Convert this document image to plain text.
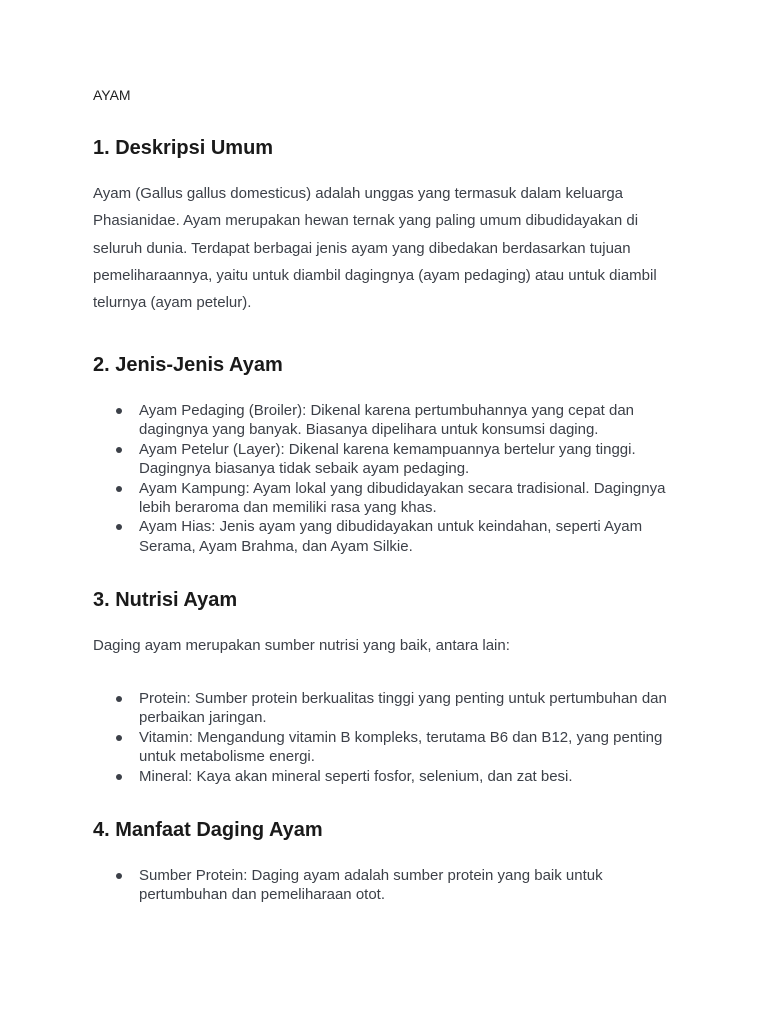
AYAM

1. Deskripsi Umum

Ayam (Gallus gallus domesticus) adalah unggas yang termasuk dalam keluarga Phasianidae. Ayam merupakan hewan ternak yang paling umum dibudidayakan di seluruh dunia. Terdapat berbagai jenis ayam yang dibedakan berdasarkan tujuan pemeliharaannya, yaitu untuk diambil dagingnya (ayam pedaging) atau untuk diambil telurnya (ayam petelur).

2. Jenis-Jenis Ayam
Ayam Pedaging (Broiler): Dikenal karena pertumbuhannya yang cepat dan dagingnya yang banyak. Biasanya dipelihara untuk konsumsi daging.
Ayam Petelur (Layer): Dikenal karena kemampuannya bertelur yang tinggi. Dagingnya biasanya tidak sebaik ayam pedaging.
Ayam Kampung: Ayam lokal yang dibudidayakan secara tradisional. Dagingnya lebih beraroma dan memiliki rasa yang khas.
Ayam Hias: Jenis ayam yang dibudidayakan untuk keindahan, seperti Ayam Serama, Ayam Brahma, dan Ayam Silkie.
3. Nutrisi Ayam

Daging ayam merupakan sumber nutrisi yang baik, antara lain:

Protein: Sumber protein berkualitas tinggi yang penting untuk pertumbuhan dan perbaikan jaringan.
Vitamin: Mengandung vitamin B kompleks, terutama B6 dan B12, yang penting untuk metabolisme energi.
Mineral: Kaya akan mineral seperti fosfor, selenium, dan zat besi.
4. Manfaat Daging Ayam
Sumber Protein: Daging ayam adalah sumber protein yang baik untuk pertumbuhan dan pemeliharaan otot.
